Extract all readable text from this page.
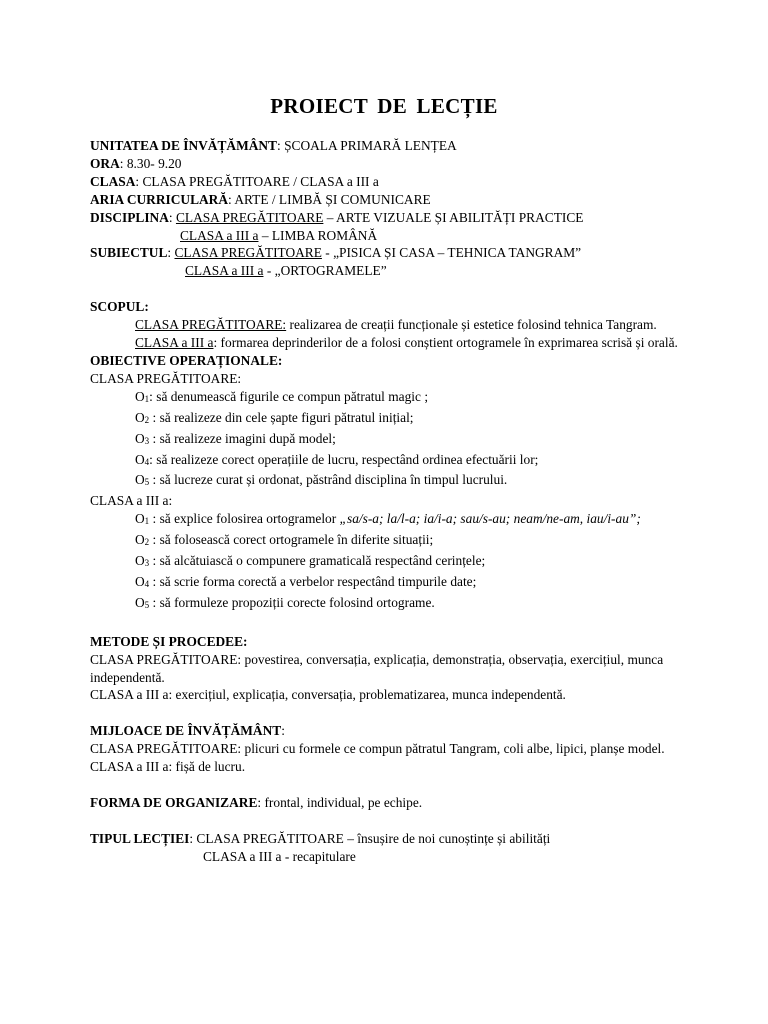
PROIECT DE LECȚIE

UNITATEA DE ÎNVĂȚĂMÂNT: ȘCOALA PRIMARĂ LENȚEA

ORA: 8.30- 9.20

CLASA: CLASA PREGĂTITOARE / CLASA a III a

ARIA CURRICULARĂ: ARTE / LIMBĂ ȘI COMUNICARE

DISCIPLINA: CLASA PREGĂTITOARE – ARTE VIZUALE ȘI ABILITĂȚI PRACTICE

CLASA a III a – LIMBA ROMÂNĂ

SUBIECTUL: CLASA PREGĂTITOARE - „PISICA ȘI CASA – TEHNICA TANGRAM”

CLASA a III a - „ORTOGRAMELE”

SCOPUL:

CLASA PREGĂTITOARE: realizarea de creații funcționale și estetice folosind tehnica Tangram.

CLASA a III a: formarea deprinderilor de a folosi conștient ortogramele în exprimarea scrisă și orală.

OBIECTIVE OPERAȚIONALE:

CLASA PREGĂTITOARE:

O1: să denumească figurile ce compun pătratul magic ;

O2 : să realizeze din cele șapte figuri pătratul inițial;

O3 : să realizeze imagini după model;

O4: să realizeze corect operațiile de lucru, respectând ordinea efectuării lor;

O5 : să lucreze curat și ordonat, păstrând disciplina în timpul lucrului.

CLASA a III a:

O1 : să explice folosirea ortogramelor „sa/s-a; la/l-a; ia/i-a; sau/s-au; neam/ne-am, iau/i-au”;

O2 : să folosească corect ortogramele în diferite situații;

O3 : să alcătuiască o compunere gramaticală respectând cerințele;

O4 : să scrie forma corectă a verbelor respectând timpurile date;

O5 : să formuleze propoziții corecte folosind ortograme.

METODE ȘI PROCEDEE:

CLASA PREGĂTITOARE: povestirea, conversația, explicația, demonstrația, observația, exercițiul, munca independentă.

CLASA a III a: exercițiul, explicația, conversația, problematizarea, munca independentă.

MIJLOACE DE ÎNVĂȚĂMÂNT:

CLASA PREGĂTITOARE: plicuri cu formele ce compun pătratul Tangram, coli albe, lipici, planșe model.

CLASA a III a: fișă de lucru.

FORMA DE ORGANIZARE: frontal, individual, pe echipe.

TIPUL LECȚIEI: CLASA PREGĂTITOARE – însușire de noi cunoștințe și abilități

CLASA a III a - recapitulare
